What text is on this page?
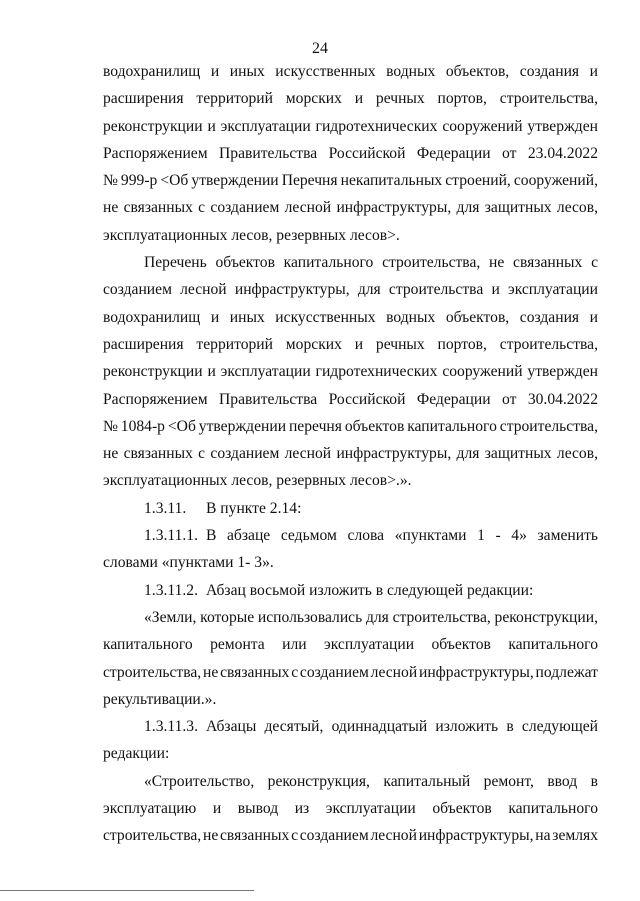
24
водохранилищ и иных искусственных водных объектов, создания и
расширения территорий морских и речных портов, строительства,
реконструкции и эксплуатации гидротехнических сооружений утвержден
Распоряжением Правительства Российской Федерации от 23.04.2022
№ 999-р <Об утверждении Перечня некапитальных строений, сооружений,
не связанных с созданием лесной инфраструктуры, для защитных лесов,
эксплуатационных лесов, резервных лесов>.
Перечень объектов капитального строительства, не связанных с
созданием лесной инфраструктуры, для строительства и эксплуатации
водохранилищ и иных искусственных водных объектов, создания и
расширения территорий морских и речных портов, строительства,
реконструкции и эксплуатации гидротехнических сооружений утвержден
Распоряжением Правительства Российской Федерации от 30.04.2022
№ 1084-р <Об утверждении перечня объектов капитального строительства,
не связанных с созданием лесной инфраструктуры, для защитных лесов,
эксплуатационных лесов, резервных лесов>.».
1.3.11.	В пункте 2.14:
1.3.11.1. В абзаце седьмом слова «пунктами 1 - 4» заменить
словами «пунктами 1- 3».
1.3.11.2. Абзац восьмой изложить в следующей редакции:
«Земли, которые использовались для строительства, реконструкции,
капитального ремонта или эксплуатации объектов капитального
строительства, не связанных с созданием лесной инфраструктуры, подлежат
рекультивации.».
1.3.11.3. Абзацы десятый, одиннадцатый изложить в следующей
редакции:
«Строительство, реконструкция, капитальный ремонт, ввод в
эксплуатацию и вывод из эксплуатации объектов капитального
строительства, не связанных с созданием лесной инфраструктуры, на землях
